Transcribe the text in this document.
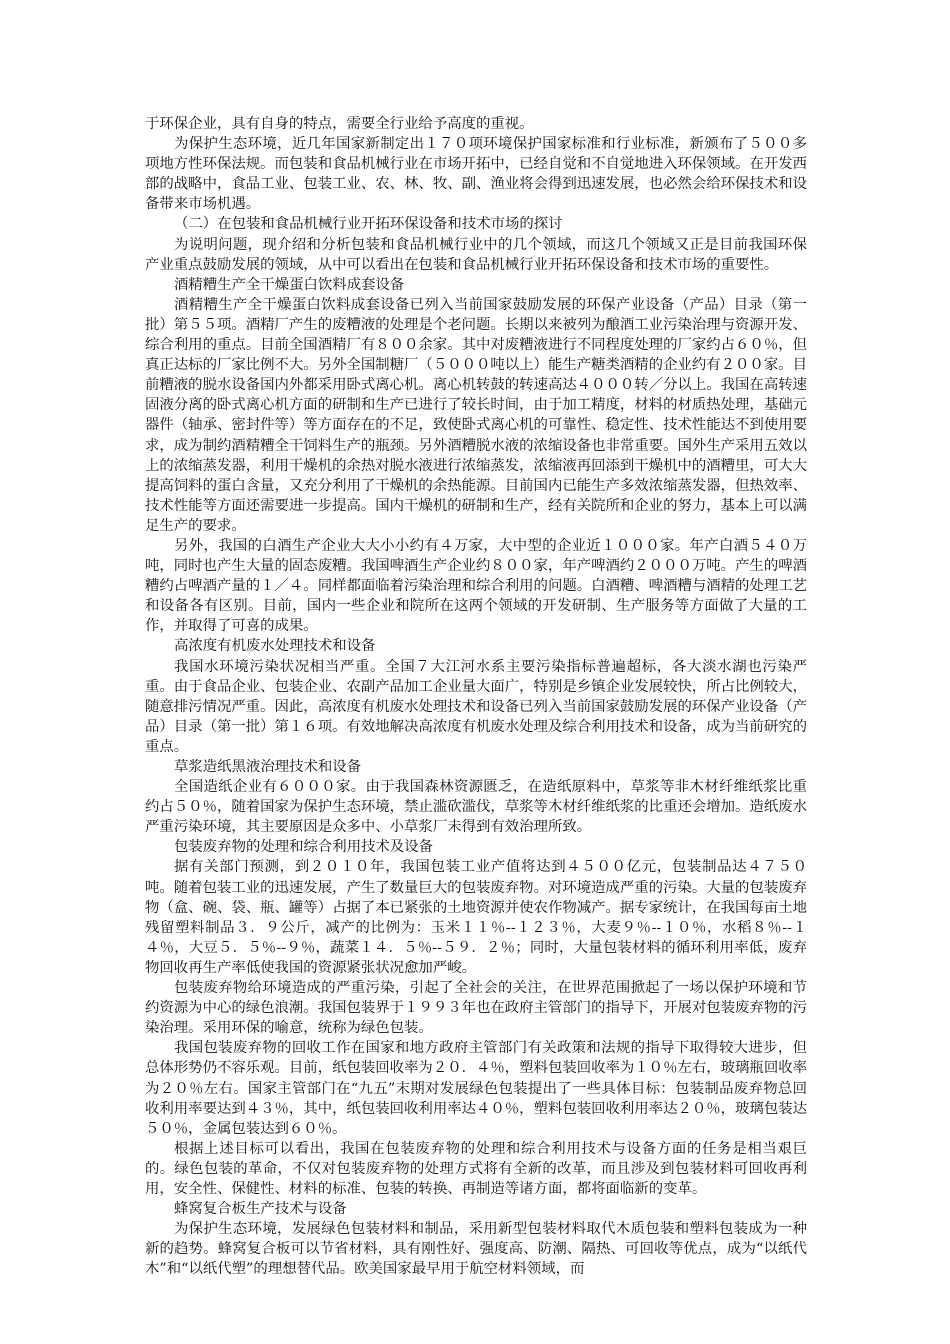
于环保企业，具有自身的特点，需要全行业给予高度的重视。

为保护生态环境，近几年国家新制定出１７０项环境保护国家标准和行业标准，新颁布了５００多项地方性环保法规。而包装和食品机械行业在市场开拓中，已经自觉和不自觉地进入环保领域。在开发西部的战略中，食品工业、包装工业、农、林、牧、副、渔业将会得到迅速发展，也必然会给环保技术和设备带来市场机遇。

（二）在包装和食品机械行业开拓环保设备和技术市场的探讨

为说明问题，现介绍和分析包装和食品机械行业中的几个领域，而这几个领域又正是目前我国环保产业重点鼓励发展的领域，从中可以看出在包装和食品机械行业开拓环保设备和技术市场的重要性。

酒精糟生产全干燥蛋白饮料成套设备

酒精糟生产全干燥蛋白饮料成套设备已列入当前国家鼓励发展的环保产业设备（产品）目录（第一批）第５５项。酒精厂产生的废糟液的处理是个老问题。长期以来被列为酿酒工业污染治理与资源开发、综合利用的重点。目前全国酒精厂有８００余家。其中对废糟液进行不同程度处理的厂家约占６０％，但真正达标的厂家比例不大。另外全国制糖厂（５０００吨以上）能生产糖类酒精的企业约有２００家。目前糟液的脱水设备国内外都采用卧式离心机。离心机转鼓的转速高达４０００转／分以上。我国在高转速固液分离的卧式离心机方面的研制和生产已进行了较长时间，由于加工精度，材料的材质热处理，基础元器件（轴承、密封件等）等方面存在的不足，致使卧式离心机的可靠性、稳定性、技术性能达不到使用要求，成为制约酒精糟全干饲料生产的瓶颈。另外酒糟脱水液的浓缩设备也非常重要。国外生产采用五效以上的浓缩蒸发器，利用干燥机的余热对脱水液进行浓缩蒸发，浓缩液再回添到干燥机中的酒糟里，可大大提高饲料的蛋白含量，又充分利用了干燥机的余热能源。目前国内已能生产多效浓缩蒸发器，但热效率、技术性能等方面还需要进一步提高。国内干燥机的研制和生产，经有关院所和企业的努力，基本上可以满足生产的要求。

另外，我国的白酒生产企业大大小小约有４万家，大中型的企业近１０００家。年产白酒５４０万吨，同时也产生大量的固态废糟。我国啤酒生产企业约８００家，年产啤酒约２０００万吨。产生的啤酒糟约占啤酒产量的１／４。同样都面临着污染治理和综合利用的问题。白酒糟、啤酒糟与酒精的处理工艺和设备各有区别。目前，国内一些企业和院所在这两个领域的开发研制、生产服务等方面做了大量的工作，并取得了可喜的成果。

高浓度有机废水处理技术和设备

我国水环境污染状况相当严重。全国７大江河水系主要污染指标普遍超标，各大淡水湖也污染严重。由于食品企业、包装企业、农副产品加工企业量大面广，特别是乡镇企业发展较快，所占比例较大，随意排污情况严重。因此，高浓度有机废水处理技术和设备已列入当前国家鼓励发展的环保产业设备（产品）目录（第一批）第１６项。有效地解决高浓度有机废水处理及综合利用技术和设备，成为当前研究的重点。

草浆造纸黑液治理技术和设备

全国造纸企业有６０００家。由于我国森林资源匮乏，在造纸原料中，草浆等非木材纤维纸浆比重约占５０％，随着国家为保护生态环境，禁止滥砍滥伐，草浆等木材纤维纸浆的比重还会增加。造纸废水严重污染环境，其主要原因是众多中、小草浆厂未得到有效治理所致。

包装废弃物的处理和综合利用技术及设备

据有关部门预测，到２０１０年，我国包装工业产值将达到４５００亿元，包装制品达４７５０吨。随着包装工业的迅速发展，产生了数量巨大的包装废弃物。对环境造成严重的污染。大量的包装废弃物（盒、碗、袋、瓶、罐等）占据了本已紧张的土地资源并使农作物减产。据专家统计，在我国每亩土地残留塑料制品３．９公斤，减产的比例为：玉米１１％--１２３％，大麦９％--１０％，水稻８％--１４％，大豆５．５％--９％，蔬菜１４．５％--５９．２％；同时，大量包装材料的循环利用率低，废弃物回收再生产率低使我国的资源紧张状况愈加严峻。

包装废弃物给环境造成的严重污染，引起了全社会的关注，在世界范围掀起了一场以保护环境和节约资源为中心的绿色浪潮。我国包装界于１９９３年也在政府主管部门的指导下，开展对包装废弃物的污染治理。采用环保的喻意，统称为绿色包装。

我国包装废弃物的回收工作在国家和地方政府主管部门有关政策和法规的指导下取得较大进步，但总体形势仍不容乐观。目前，纸包装回收率为２０．４％，塑料包装回收率为１０％左右，玻璃瓶回收率为２０％左右。国家主管部门在“九五”末期对发展绿色包装提出了一些具体目标：包装制品废弃物总回收利用率要达到４３％，其中，纸包装回收利用率达４０％，塑料包装回收利用率达２０％，玻璃包装达５０％，金属包装达到６０％。

根据上述目标可以看出，我国在包装废弃物的处理和综合利用技术与设备方面的任务是相当艰巨的。绿色包装的革命，不仅对包装废弃物的处理方式将有全新的改革，而且涉及到包装材料可回收再利用，安全性、保健性、材料的标准、包装的转换、再制造等诸方面，都将面临新的变革。

蜂窝复合板生产技术与设备

为保护生态环境，发展绿色包装材料和制品，采用新型包装材料取代木质包装和塑料包装成为一种新的趋势。蜂窝复合板可以节省材料，具有刚性好、强度高、防潮、隔热、可回收等优点，成为“以纸代木”和“以纸代塑”的理想替代品。欧美国家最早用于航空材料领域，而
